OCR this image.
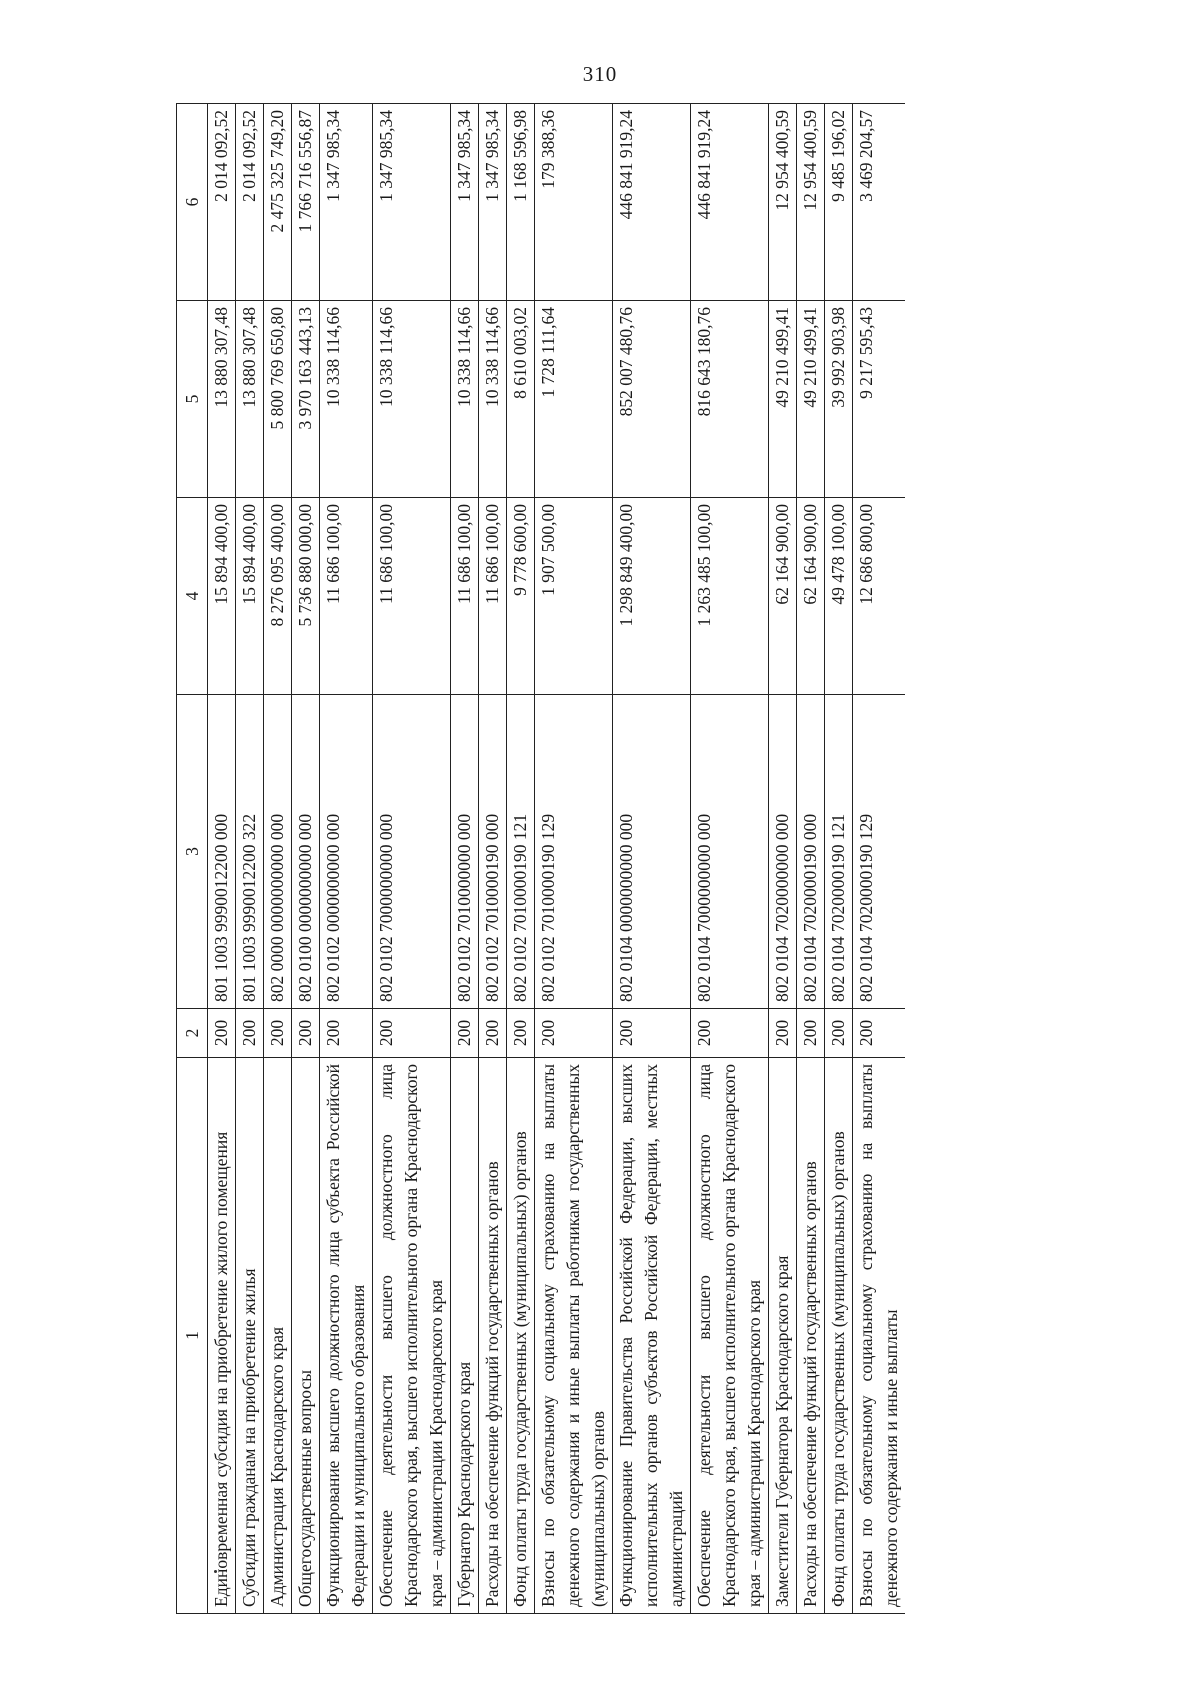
310
1	2	3	4	5	6
Единовременная субсидия на приобретение жилого помещения	200	801 1003 9990012200 000	15 894 400,00	13 880 307,48	2 014 092,52
Субсидии гражданам на приобретение жилья	200	801 1003 9990012200 322	15 894 400,00	13 880 307,48	2 014 092,52
Администрация Краснодарского края	200	802 0000 0000000000 000	8 276 095 400,00	5 800 769 650,80	2 475 325 749,20
Общегосударственные вопросы	200	802 0100 0000000000 000	5 736 880 000,00	3 970 163 443,13	1 766 716 556,87
Функционирование высшего должностного лица субъекта Российской Федерации и муниципального образования	200	802 0102 0000000000 000	11 686 100,00	10 338 114,66	1 347 985,34
Обеспечение деятельности высшего должностного лица Краснодарского края, высшего исполнительного органа Краснодарского края – администрации Краснодарского края	200	802 0102 7000000000 000	11 686 100,00	10 338 114,66	1 347 985,34
Губернатор Краснодарского края	200	802 0102 7010000000 000	11 686 100,00	10 338 114,66	1 347 985,34
Расходы на обеспечение функций государственных органов	200	802 0102 7010000190 000	11 686 100,00	10 338 114,66	1 347 985,34
Фонд оплаты труда государственных (муниципальных) органов	200	802 0102 7010000190 121	9 778 600,00	8 610 003,02	1 168 596,98
Взносы по обязательному социальному страхованию на выплаты денежного содержания и иные выплаты работникам государственных (муниципальных) органов	200	802 0102 7010000190 129	1 907 500,00	1 728 111,64	179 388,36
Функционирование Правительства Российской Федерации, высших исполнительных органов субъектов Российской Федерации, местных администраций	200	802 0104 0000000000 000	1 298 849 400,00	852 007 480,76	446 841 919,24
Обеспечение деятельности высшего должностного лица Краснодарского края, высшего исполнительного органа Краснодарского края – администрации Краснодарского края	200	802 0104 7000000000 000	1 263 485 100,00	816 643 180,76	446 841 919,24
Заместители Губернатора Краснодарского края	200	802 0104 7020000000 000	62 164 900,00	49 210 499,41	12 954 400,59
Расходы на обеспечение функций государственных органов	200	802 0104 7020000190 000	62 164 900,00	49 210 499,41	12 954 400,59
Фонд оплаты труда государственных (муниципальных) органов	200	802 0104 7020000190 121	49 478 100,00	39 992 903,98	9 485 196,02
Взносы по обязательному социальному страхованию на выплаты денежного содержания и иные выплаты	200	802 0104 7020000190 129	12 686 800,00	9 217 595,43	3 469 204,57
